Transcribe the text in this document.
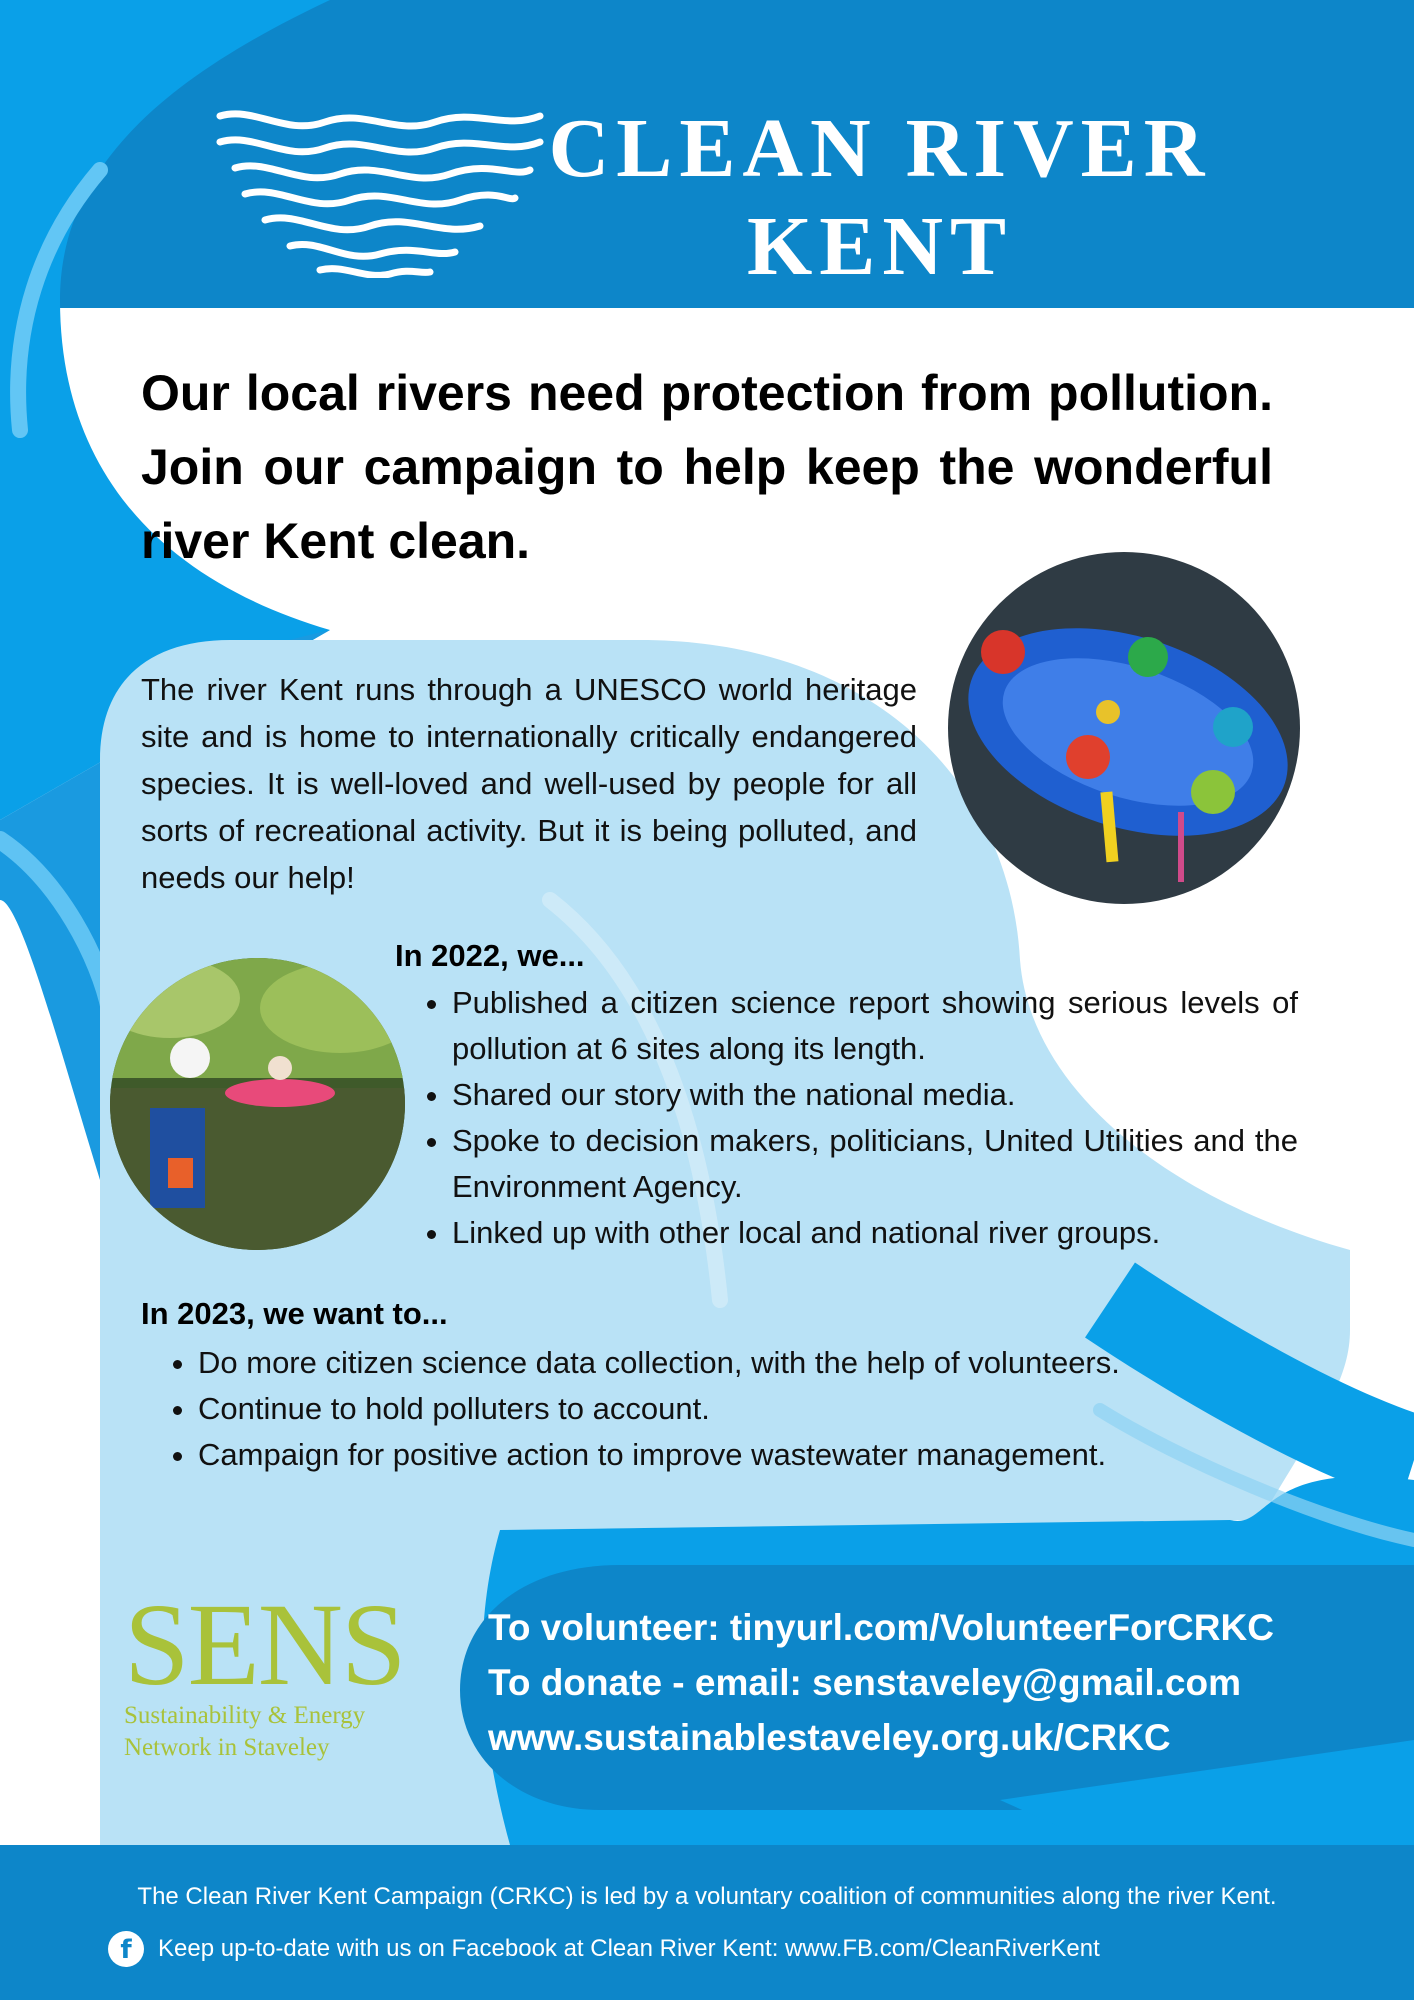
CLEAN RIVER
KENT
Our local rivers need protection from pollution. Join our campaign to help keep the wonderful river Kent clean.
The river Kent runs through a UNESCO world heritage site and is home to internationally critically endangered species. It is well-loved and well-used by people for all sorts of recreational activity. But it is being polluted, and needs our help!
In 2022, we...
• Published a citizen science report showing serious levels of pollution at 6 sites along its length.
• Shared our story with the national media.
• Spoke to decision makers, politicians, United Utilities and the Environment Agency.
• Linked up with other local and national river groups.
In 2023, we want to...
• Do more citizen science data collection, with the help of volunteers.
• Continue to hold polluters to account.
• Campaign for positive action to improve wastewater management.
SENS
Sustainability & Energy
Network in Staveley
To volunteer: tinyurl.com/VolunteerForCRKC
To donate - email: senstaveley@gmail.com
www.sustainablestaveley.org.uk/CRKC
The Clean River Kent Campaign (CRKC) is led by a voluntary coalition of communities along the river Kent.
f	Keep up-to-date with us on Facebook at Clean River Kent: www.FB.com/CleanRiverKent
